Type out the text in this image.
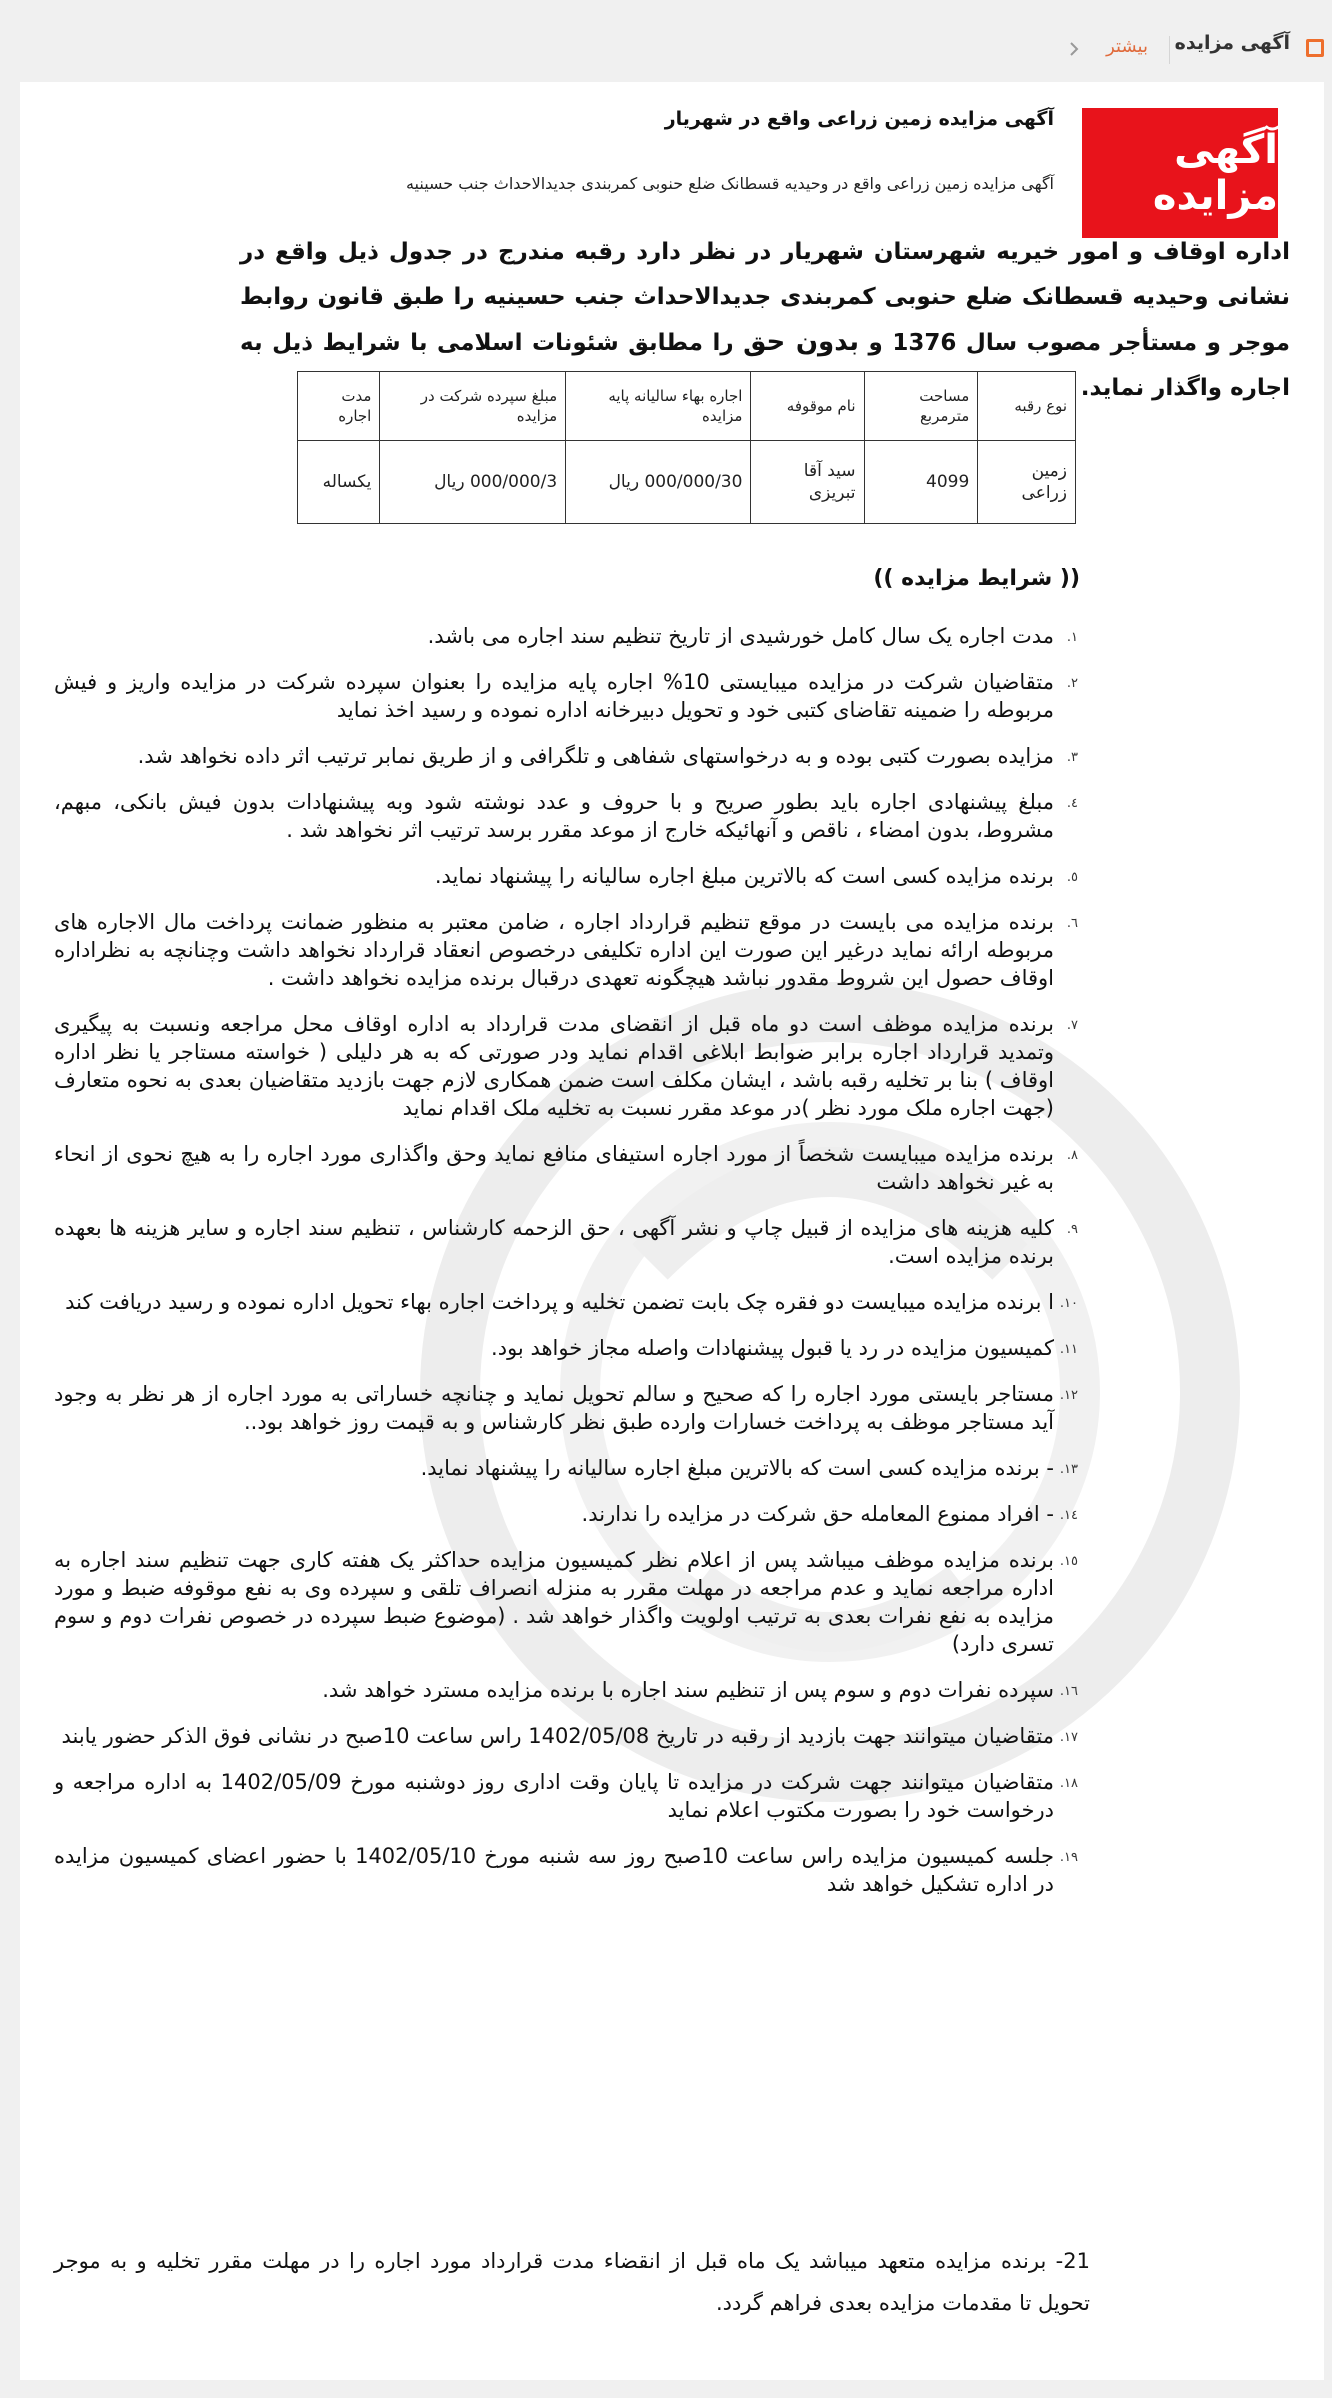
آگهی مزایده
بیشتر
آگهی مزایده
آگهی مزایده زمین زراعی واقع در شهریار
آگهی مزایده زمین زراعی واقع در وحیدیه قسطانک ضلع حنوبی کمربندی جدیدالاحداث جنب حسینیه
اداره اوقاف و امور خیریه شهرستان شهریار در نظر دارد رقبه مندرج در جدول ذیل واقع در نشانی وحیدیه قسطانک ضلع حنوبی کمربندی جدیدالاحداث جنب حسینیه را طبق قانون روابط موجر و مستأجر مصوب سال 1376 و بدون حق را مطابق شئونات اسلامی با شرایط ذیل به اجاره واگذار نماید.
نوع رقبه	مساحت مترمربع	نام موقوفه	اجاره بهاء سالیانه پایه مزایده	مبلغ سپرده شرکت در مزایده	مدت اجاره
زمین زراعی	4099	سید آقا تبریزی	000/000/30 ریال	000/000/3 ریال	یکساله
(( شرایط مزایده ))
١.
مدت اجاره یک سال کامل خورشیدی از تاریخ تنظیم سند اجاره می باشد.
٢.
متقاضیان شرکت در مزایده میبایستی 10% اجاره پایه مزایده را بعنوان سپرده شرکت در مزایده واریز و فیش مربوطه را ضمینه تقاضای کتبی خود و تحویل دبیرخانه اداره نموده و رسید اخذ نماید
٣.
مزایده بصورت کتبی بوده و به درخواستهای شفاهی و تلگرافی و از طریق نمابر ترتیب اثر داده نخواهد شد.
٤.
مبلغ پیشنهادی اجاره باید بطور صریح و با حروف و عدد نوشته شود وبه پیشنهادات بدون فیش بانکی، مبهم، مشروط، بدون امضاء ، ناقص و آنهائیکه خارج از موعد مقرر برسد ترتیب اثر نخواهد شد .
٥.
برنده مزایده کسی است که بالاترین مبلغ اجاره سالیانه را پیشنهاد نماید.
٦.
برنده مزایده می بایست در موقع تنظیم قرارداد اجاره ، ضامن معتبر به منظور ضمانت پرداخت مال الاجاره های مربوطه ارائه نماید درغیر این صورت این اداره تکلیفی درخصوص انعقاد قرارداد نخواهد داشت وچنانچه به نظراداره اوقاف حصول این شروط مقدور نباشد هیچگونه تعهدی درقبال برنده مزایده نخواهد داشت .
٧.
برنده مزایده موظف است دو ماه قبل از انقضای مدت قرارداد به اداره اوقاف محل مراجعه ونسبت به پیگیری وتمدید قرارداد اجاره برابر ضوابط ابلاغی اقدام نماید ودر صورتی که به هر دلیلی ( خواسته مستاجر یا نظر اداره اوقاف ) بنا بر تخلیه رقبه باشد ، ایشان مکلف است ضمن همکاری لازم جهت بازدید متقاضیان بعدی به نحوه متعارف (جهت اجاره ملک مورد نظر )در موعد مقرر نسبت به تخلیه ملک اقدام نماید
٨.
برنده مزایده میبایست شخصاً از مورد اجاره استیفای منافع نماید وحق واگذاری مورد اجاره را به هیچ نحوی از انحاء به غیر نخواهد داشت
٩.
کلیه هزینه های مزایده از قبیل چاپ و نشر آگهی ، حق الزحمه کارشناس ، تنظیم سند اجاره و سایر هزینه ها بعهده برنده مزایده است.
١٠.
ا برنده مزایده میبایست دو فقره چک بابت تضمن تخلیه و پرداخت اجاره بهاء تحویل اداره نموده و رسید دریافت کند
١١.
کمیسیون مزایده در رد یا قبول پیشنهادات واصله مجاز خواهد بود.
١٢.
مستاجر بایستی مورد اجاره را که صحیح و سالم تحویل نماید و چنانچه خساراتی به مورد اجاره از هر نظر به وجود آید مستاجر موظف به پرداخت خسارات وارده طبق نظر کارشناس و به قیمت روز خواهد بود..
١٣.
- برنده مزایده کسی است که بالاترین مبلغ اجاره سالیانه را پیشنهاد نماید.
١٤.
- افراد ممنوع المعامله حق شرکت در مزایده را ندارند.
١٥.
برنده مزایده موظف میباشد پس از اعلام نظر کمیسیون مزایده حداکثر یک هفته کاری جهت تنظیم سند اجاره به اداره مراجعه نماید و عدم مراجعه در مهلت مقرر به منزله انصراف تلقی و سپرده وی به نفع موقوفه ضبط و مورد مزایده به نفع نفرات بعدی به ترتیب اولویت واگذار خواهد شد . (موضوع ضبط سپرده در خصوص نفرات دوم و سوم تسری دارد)
١٦.
سپرده نفرات دوم و سوم پس از تنظیم سند اجاره با برنده مزایده مسترد خواهد شد.
١٧.
متقاضیان میتوانند جهت بازدید از رقبه در تاریخ 1402/05/08 راس ساعت 10صبح در نشانی فوق الذکر حضور یابند
١٨.
متقاضیان میتوانند جهت شرکت در مزایده تا پایان وقت اداری روز دوشنبه مورخ 1402/05/09 به اداره مراجعه و درخواست خود را بصورت مکتوب اعلام نماید
١٩.
جلسه کمیسیون مزایده راس ساعت 10صبح روز سه شنبه مورخ 1402/05/10 با حضور اعضای کمیسیون مزایده در اداره تشکیل خواهد شد
21- برنده مزایده متعهد میباشد یک ماه قبل از انقضاء مدت قرارداد مورد اجاره را در مهلت مقرر تخلیه و به موجر تحویل تا مقدمات مزایده بعدی فراهم گردد.
